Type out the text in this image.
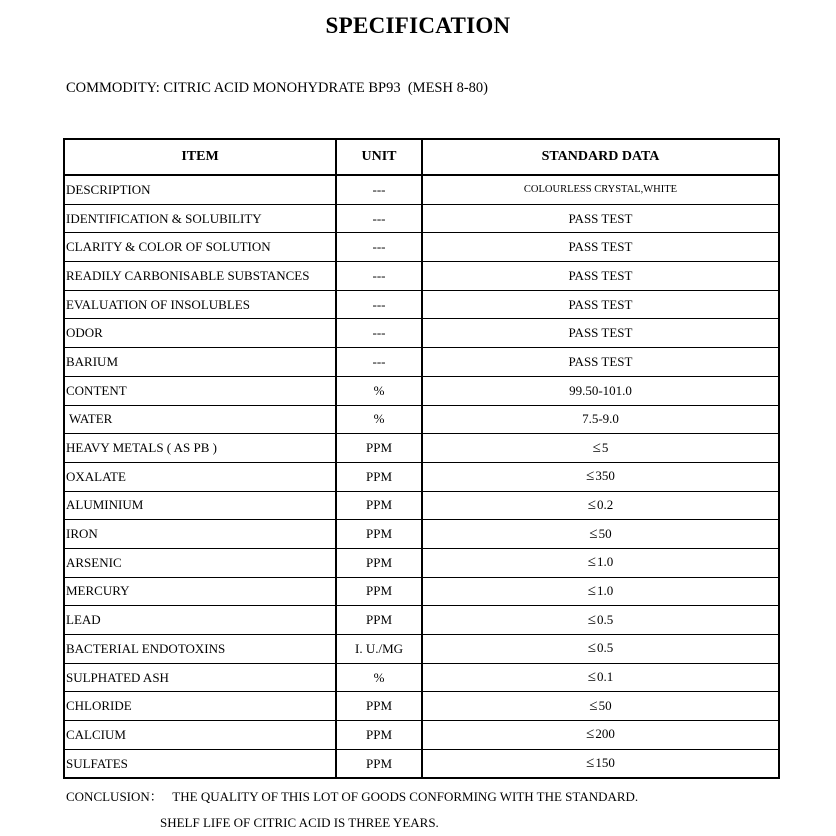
SPECIFICATION
COMMODITY: CITRIC ACID MONOHYDRATE BP93  (MESH 8-80)
ITEM	UNIT	STANDARD DATA
DESCRIPTION	---	COLOURLESS CRYSTAL,WHITE
IDENTIFICATION & SOLUBILITY	---	PASS TEST
CLARITY & COLOR OF SOLUTION	---	PASS TEST
READILY CARBONISABLE SUBSTANCES	---	PASS TEST
EVALUATION OF INSOLUBLES	---	PASS TEST
ODOR	---	PASS TEST
BARIUM	---	PASS TEST
CONTENT	%	99.50-101.0
WATER	%	7.5-9.0
HEAVY METALS ( AS PB )	PPM	≤5
OXALATE	PPM	≤350
ALUMINIUM	PPM	≤0.2
IRON	PPM	≤50
ARSENIC	PPM	≤1.0
MERCURY	PPM	≤1.0
LEAD	PPM	≤0.5
BACTERIAL ENDOTOXINS	I. U./MG	≤0.5
SULPHATED ASH	%	≤0.1
CHLORIDE	PPM	≤50
CALCIUM	PPM	≤200
SULFATES	PPM	≤150
CONCLUSION：   THE QUALITY OF THIS LOT OF GOODS CONFORMING WITH THE STANDARD.
SHELF LIFE OF CITRIC ACID IS THREE YEARS.
